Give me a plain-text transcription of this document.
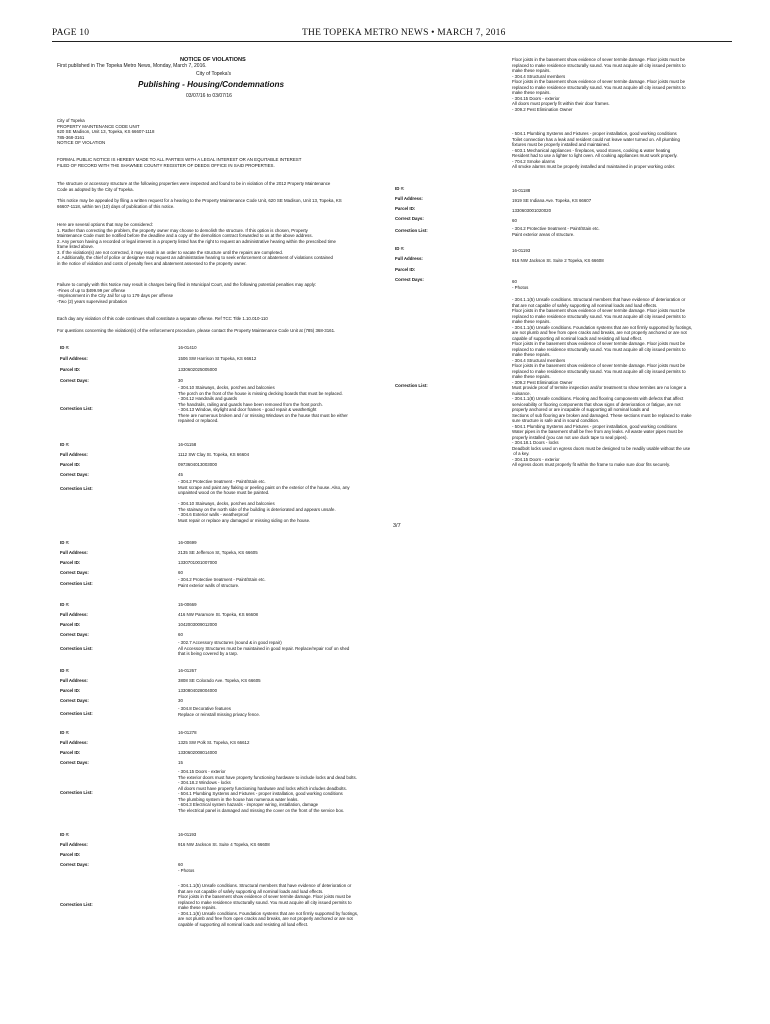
PAGE 10	THE TOPEKA METRO NEWS • MARCH 7, 2016
NOTICE OF VIOLATIONS
First published in The Topeka Metro News, Monday, March 7, 2016.
City of Topeka's
Publishing - Housing/Condemnations
03/07/16 to 03/07/16
City of Topeka
PROPERTY MAINTENANCE CODE UNIT
620 SE Madison, Unit 13, Topeka, KS 66607-1118
785-368-3161
NOTICE OF VIOLATION
FORMAL PUBLIC NOTICE IS HEREBY MADE TO ALL PARTIES WITH A LEGAL INTEREST OR AN EQUITABLE INTEREST
FILED OF RECORD WITH THE SHAWNEE COUNTY REGISTER OF DEEDS OFFICE IN SAID PROPERTIES.
The structure or accessory structure at the following properties were inspected and found to be in violation of the 2012 Property Maintenance
Code as adopted by the City of Topeka.
This notice may be appealed by filing a written request for a hearing to the Property Maintenance Code Unit, 620 SE Madison, Unit 13, Topeka, KS
66607-1118, within ten (10) days of publication of this notice.
Here are several options that may be considered:
1. Rather than correcting the problem, the property owner may choose to demolish the structure. If this option is chosen, Property
Maintenance Code must be notified before the deadline and a copy of the demolition contract forwarded to us at the above address.
2. Any person having a recorded or legal interest in a property listed has the right to request an administrative hearing within the prescribed time
frame listed above.
3. If the violation(s) are not corrected, it may result in an order to vacate the structure until the repairs are completed.
4. Additionally, the chief of police or designee may request an administrative hearing to seek enforcement or abatement of violations contained
in the notice of violation and costs of penalty fees and abatement assessed to the property owner.
Failure to comply with this Notice may result in charges being filed in Municipal Court, and the following potential penalties may apply:
-Fines of up to $499.99 per offense
-Imprisonment in the City Jail for up to 179 days per offense
-Two (2) years supervised probation
Each day any violation of this code continues shall constitute a separate offense. Ref TCC Title 1.10.010-110
For questions concerning the violation(s) of the enforcement procedure, please contact the Property Maintenance Code Unit at (785) 368-3161.
ID #:	16-01410
Full Address:	1506 SW Harrison St Topeka, KS 66612
Parcel ID:	1330602025005000
Correct Days:	30
Correction List:
- 304.10 Stairways, decks, porches and balconies
The porch on the front of the house is missing decking boards that must be replaced.
- 304.12 Handrails and guards
The handrails, railing and guards have been removed from the front porch.
- 304.13 Window, skylight and door frames - good repair & weathertight
There are numerous broken and / or missing Windows on the house that must be either
repaired or replaced.
ID #:	16-01158
Full Address:	1112 SW Clay St. Topeka, KS 66604
Parcel ID:	0973604013003000
Correct Days:	45
Correction List:
- 304.2 Protective treatment - Paint/Stain etc.
Must scrape and paint any flaking or peeling paint on the exterior of the house. Also, any
unpainted wood on the house must be painted.

- 304.10 Stairways, decks, porches and balconies
The stairway on the north side of the building is deteriorated and appears unsafe.
- 304.6 Exterior walls - weatherproof
Must repair or replace any damaged or missing siding on the house.
ID #:	16-00699
Full Address:	2135 SE Jefferson St, Topeka, KS 66605
Parcel ID:	1330701001007000
Correct Days:	60
Correction List:
- 304.2 Protective treatment - Paint/Stain etc.
Paint exterior walls of structure.
ID #:	15-00669
Full Address:	416 NW Paramore St. Topeka, KS 66608
Parcel ID:	1042003009012000
Correct Days:	60
Correction List:
- 302.7 Accessory structures (sound & in good repair)
All Accessory Structures must be maintained in good repair. Replace/repair roof on shed
that is being covered by a tarp.
ID #:	16-01267
Full Address:	3808 SE Colorado Ave. Topeka, KS 66605
Parcel ID:	1330804028004000
Correct Days:	30
Correction List:
- 304.8 Decorative features
Replace or reinstall missing privacy fence.
ID #:	16-01278
Full Address:	1325 SW Polk St. Topeka, KS 66612
Parcel ID:	1330602008014000
Correct Days:	15
Correction List:
- 304.15 Doors - exterior
The exterior doors must have property functioning hardware to include locks and dead bolts.
- 304.18.2 Windows - locks
All doors must have property functioning hardware and locks which includes deadbolts.
- 504.1 Plumbing Systems and Fixtures - proper installation, good working conditions
The plumbing system in the house has numerous water leaks.
- 604.3 Electrical system hazards - improper wiring, installation, damage
The electrical panel is damaged and missing the cover on the front of the service box.
ID #:	16-01193
Full Address:	916 NW Jackson St. Suite 4 Topeka, KS 66608
Parcel ID:
Correct Days:	60
- Photos
Correction List:
- 304.1.1(5) Unsafe conditions. Structural members that have evidence of deterioration or
that are not capable of safely supporting all nominal loads and load effects.
Floor joists in the basement show evidence of sever termite damage. Floor joists must be
replaced to make residence structurally sound. You must acquire all city issued permits to
make these repairs.
- 304.1.1(6) Unsafe conditions. Foundation systems that are not firmly supported by footings,
are not plumb and free from open cracks and breaks, are not properly anchored or are not
capable of supporting all nominal loads and resisting all load effect.
Floor joists in the basement show evidence of sever termite damage. Floor joists must be
replaced to make residence structurally sound. You must acquire all city issued permits to
make these repairs.
- 304.4 Structural members
Floor joists in the basement show evidence of sever termite damage. Floor joists must be
replaced to make residence structurally sound. You must acquire all city issued permits to
make these repairs.
- 304.15 Doors - exterior
All doors must properly fit within their door frames.
- 309.2 Pest Elimination Owner
- 504.1 Plumbing Systems and Fixtures - proper installation, good working conditions
Toilet connection has a leak and resident could not leave water turned on. All plumbing
fixtures must be properly installed and maintained.
- 603.1 Mechanical appliances - fireplaces, wood stoves, cooking & water heating
Resident had to use a lighter to light oven. All cooking appliances must work properly.
- 704.2 Smoke alarms
All smoke alarms must be properly installed and maintained in proper working order.
ID #:	16-01188
Full Address:	1919 SE Indiana Ave. Topeka, KS 66607
Parcel ID:	1330603001020020
Correct Days:	60
Correction List:	- 304.2 Protective treatment - Paint/Stain etc.
Paint exterior areas of structure.
ID #:	16-01193
Full Address:	916 NW Jackson St. Suite 2 Topeka, KS 66608
Parcel ID:
Correct Days:	60
- Photos
Correction List:
- 304.1.1(5) Unsafe conditions. Structural members that have evidence of deterioration or
that are not capable of safely supporting all nominal loads and load effects.
Floor joists in the basement show evidence of sever termite damage. Floor joists must be
replaced to make residence structurally sound. You must acquire all city issued permits to
make these repairs.
- 304.1.1(6) Unsafe conditions. Foundation systems that are not firmly supported by footings,
are not plumb and free from open cracks and breaks, are not properly anchored or are not
capable of supporting all nominal loads and resisting all load effect.
Floor joists in the basement show evidence of sever termite damage. Floor joists must be
replaced to make residence structurally sound. You must acquire all city issued permits to
make these repairs.
- 304.4 Structural members
Floor joists in the basement show evidence of sever termite damage. Floor joists must be
replaced to make residence structurally sound. You must acquire all city issued permits to
make these repairs.
- 309.2 Pest Elimination Owner
Must provide proof of termite inspection and/or treatment to show termites are no longer a
nuisance.
- 304.1.1(8) Unsafe conditions. Flooring and flooring components with defects that affect
serviceability or flooring components that show signs of deterioration or fatigue, are not
properly anchored or are incapable of supporting all nominal loads and
Sections of sub flooring are broken and damaged. These sections must be replaced to make
sure structure is safe and in sound condition.
- 504.1 Plumbing Systems and Fixtures - proper installation, good working conditions
Water pipes in the basement shall be free from any leaks. All waste water pipes must be
properly installed (you can not use duck tape to seal pipes).
- 304.18.1 Doors - locks
Deadbolt locks used on egress doors must be designed to be readily usable without the use
of a key.
- 304.15 Doors - exterior
All egress doors must properly fit within the frame to make sure door fits securely.
3/7
